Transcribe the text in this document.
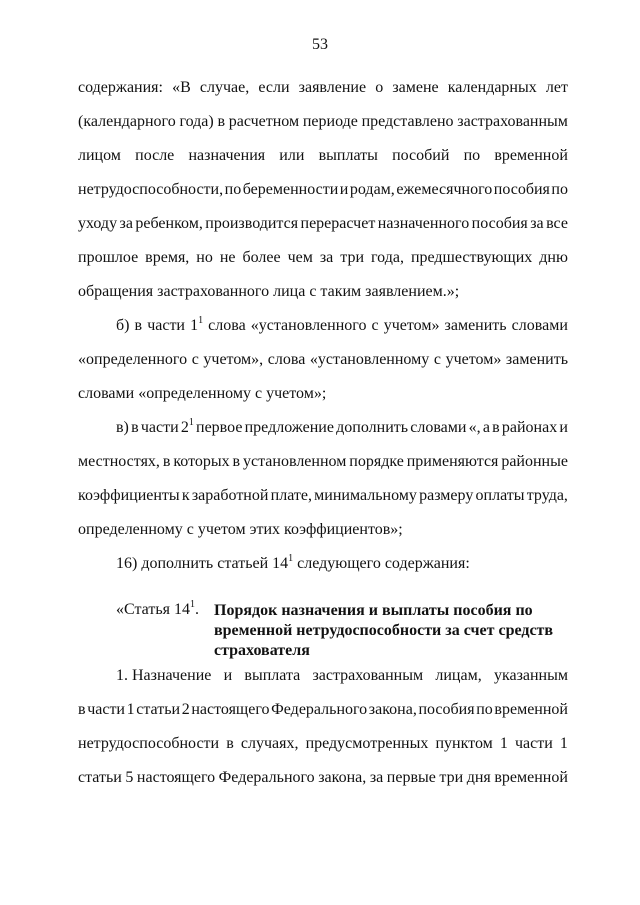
53
содержания: «В случае, если заявление о замене календарных лет
(календарного года) в расчетном периоде представлено застрахованным
лицом после назначения или выплаты пособий по временной
нетрудоспособности, по беременности и родам, ежемесячного пособия по
уходу за ребенком, производится перерасчет назначенного пособия за все
прошлое время, но не более чем за три года, предшествующих дню
обращения застрахованного лица с таким заявлением.»;
б) в части $1^1$ слова «установленного с учетом» заменить словами
«определенного с учетом», слова «установленному с учетом» заменить
словами «определенному с учетом»;
в) в части $2^1$ первое предложение дополнить словами «, а в районах и
местностях, в которых в установленном порядке применяются районные
коэффициенты к заработной плате, минимальному размеру оплаты труда,
определенному с учетом этих коэффициентов»;
16) дополнить статьей $14^1$ следующего содержания:
«Статья $14^1$. Порядок назначения и выплаты пособия по временной нетрудоспособности за счет средств страхователя
1. Назначение и выплата застрахованным лицам, указанным
в части 1 статьи 2 настоящего Федерального закона, пособия по временной
нетрудоспособности в случаях, предусмотренных пунктом 1 части 1
статьи 5 настоящего Федерального закона, за первые три дня временной
